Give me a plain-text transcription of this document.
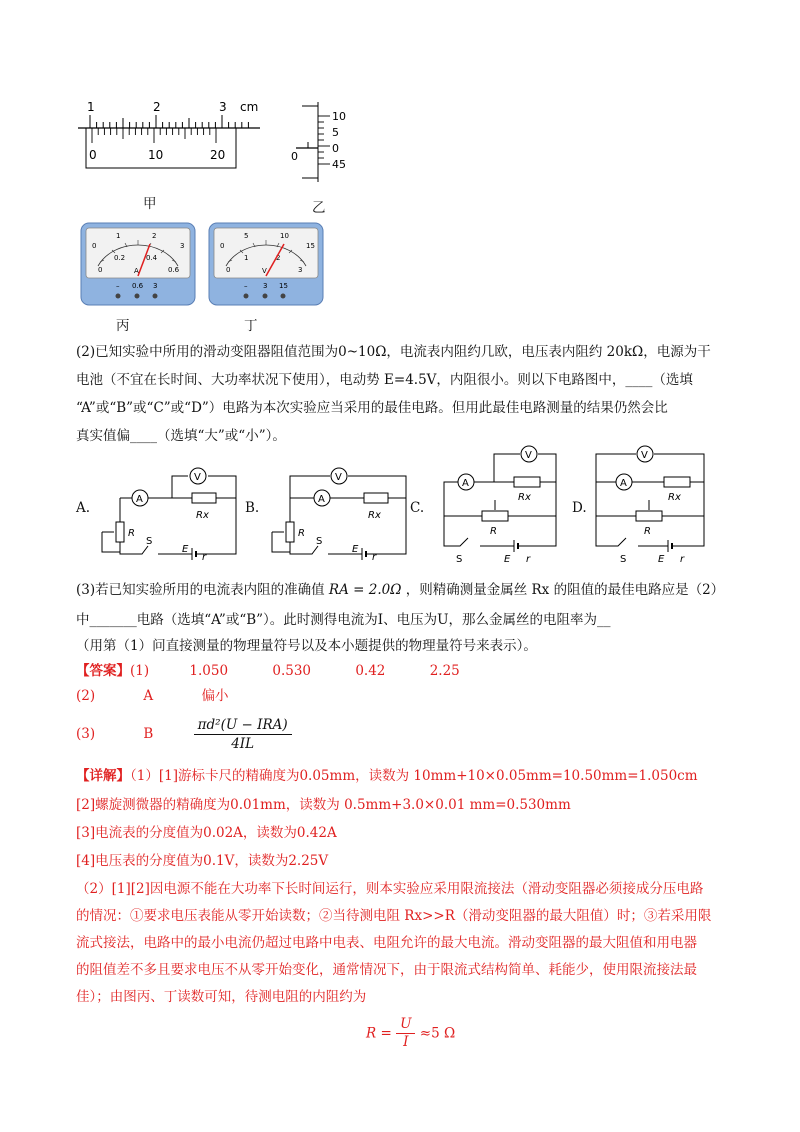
1	2	3 cm
0	10	20
甲
10
5
0
45
0
乙
0
1	2
3
0
0.2	0.4
0.6
A
– 0.6 3
丙
0
5	10
15
0
1	2
3
V
– 3 15
丁
(2)已知实验中所用的滑动变阻器阻值范围为0~10Ω，电流表内阻约几欧，电压表内阻约 20kΩ，电源为干
电池（不宜在长时间、大功率状况下使用），电动势 E=4.5V，内阻很小。则以下电路图中，____（选填
“A”或“B”或“C”或“D”）电路为本次实验应当采用的最佳电路。但用此最佳电路测量的结果仍然会比
真实值偏____（选填“大”或“小”）。
A.
A
V
Rx
R
S
E
r
B.
A
V
Rx
R
S
E
r
C.
A
V
Rx
R
S	E r
D.
A
V
Rx
R
S	E r
(3)若已知实验所用的电流表内阻的准确值 RA = 2.0Ω ，则精确测量金属丝 Rx 的阻值的最佳电路应是（2）
中_______电路（选填“A”或“B”）。此时测得电流为I、电压为U，那么金属丝的电阻率为__
（用第（1）问直接测量的物理量符号以及本小题提供的物理量符号来表示）。
【答案】(1)	1.050	0.530	0.42	2.25
(2)	A	偏小
(3)	B	$\frac{\text{πd²(U − IRA)}}{4IL}$
【详解】（1）[1]游标卡尺的精确度为0.05mm，读数为 10mm+10×0.05mm=10.50mm=1.050cm
[2]螺旋测微器的精确度为0.01mm，读数为 0.5mm+3.0×0.01 mm=0.530mm
[3]电流表的分度值为0.02A，读数为0.42A
[4]电压表的分度值为0.1V，读数为2.25V
（2）[1][2]因电源不能在大功率下长时间运行，则本实验应采用限流接法（滑动变阻器必须接成分压电路
的情况：①要求电压表能从零开始读数；②当待测电阻 Rx>>R（滑动变阻器的最大阻值）时；③若采用限
流式接法，电路中的最小电流仍超过电路中电表、电阻允许的最大电流。滑动变阻器的最大阻值和用电器
的阻值差不多且要求电压不从零开始变化，通常情况下，由于限流式结构简单、耗能少，使用限流接法最
佳）；由图丙、丁读数可知，待测电阻的内阻约为
$R = \frac{U}{I} \approx 5$ Ω
